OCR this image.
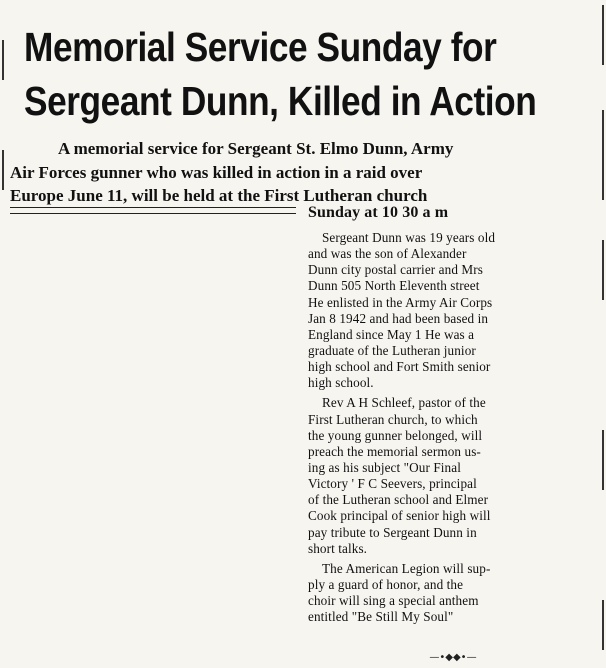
Memorial Service Sunday for
Sergeant Dunn, Killed in Action
A memorial service for Sergeant St. Elmo Dunn, Army
Air Forces gunner who was killed in action in a raid over
Europe June 11, will be held at the First Lutheran church
Sunday at 10 30 a m
Sergeant Dunn was 19 years old
and was the son of Alexander
Dunn city postal carrier and Mrs
Dunn 505 North Eleventh street
He enlisted in the Army Air Corps
Jan 8 1942 and had been based in
England since May 1 He was a
graduate of the Lutheran junior
high school and Fort Smith senior
high school.
Rev A H Schleef, pastor of the
First Lutheran church, to which
the young gunner belonged, will
preach the memorial sermon us-
ing as his subject "Our Final
Victory ' F C Seevers, principal
of the Lutheran school and Elmer
Cook principal of senior high will
pay tribute to Sergeant Dunn in
short talks.
The American Legion will sup-
ply a guard of honor, and the
choir will sing a special anthem
entitled "Be Still My Soul"
—•◆◆•—
